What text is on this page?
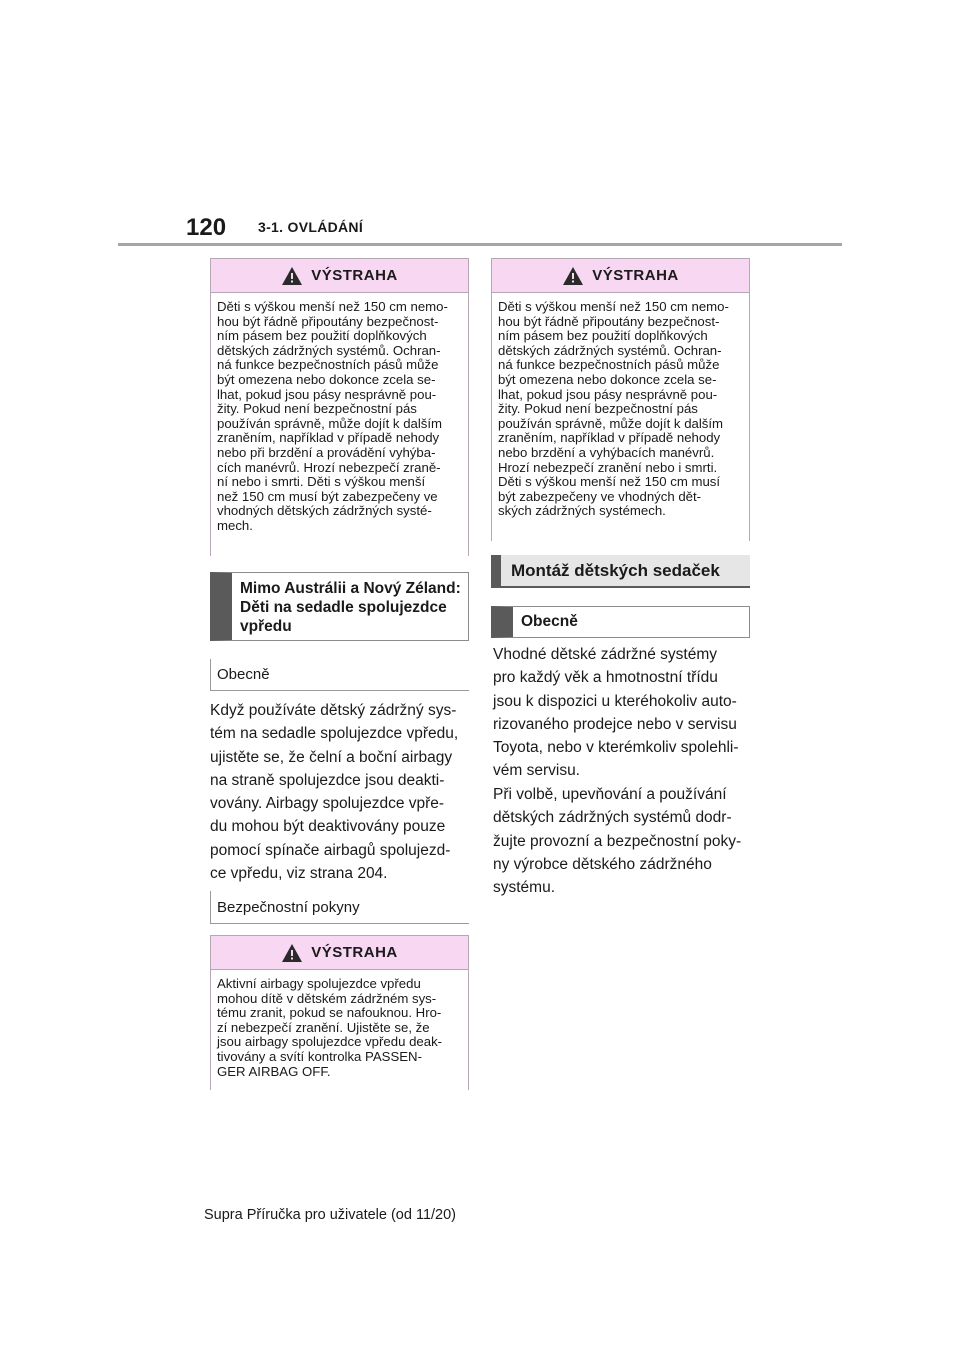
120 3-1. OVLÁDÁNÍ
VÝSTRAHA
Děti s výškou menší než 150 cm nemo-
hou být řádně připoutány bezpečnost-
ním pásem bez použití doplňkových
dětských zádržných systémů. Ochran-
ná funkce bezpečnostních pásů může
být omezena nebo dokonce zcela se-
lhat, pokud jsou pásy nesprávně pou-
žity. Pokud není bezpečnostní pás
používán správně, může dojít k dalším
zraněním, například v případě nehody
nebo při brzdění a provádění vyhýba-
cích manévrů. Hrozí nebezpečí zraně-
ní nebo i smrti. Děti s výškou menší
než 150 cm musí být zabezpečeny ve
vhodných dětských zádržných systé-
mech.
Mimo Austrálii a Nový Zéland:
Děti na sedadle spolujezdce
vpředu
Obecně
Když používáte dětský zádržný sys-
tém na sedadle spolujezdce vpředu,
ujistěte se, že čelní a boční airbagy
na straně spolujezdce jsou deakti-
vovány. Airbagy spolujezdce vpře-
du mohou být deaktivovány pouze
pomocí spínače airbagů spolujezd-
ce vpředu, viz strana 204.
Bezpečnostní pokyny
VÝSTRAHA
Aktivní airbagy spolujezdce vpředu
mohou dítě v dětském zádržném sys-
tému zranit, pokud se nafouknou. Hro-
zí nebezpečí zranění. Ujistěte se, že
jsou airbagy spolujezdce vpředu deak-
tivovány a svítí kontrolka PASSEN-
GER AIRBAG OFF.
VÝSTRAHA
Děti s výškou menší než 150 cm nemo-
hou být řádně připoutány bezpečnost-
ním pásem bez použití doplňkových
dětských zádržných systémů. Ochran-
ná funkce bezpečnostních pásů může
být omezena nebo dokonce zcela se-
lhat, pokud jsou pásy nesprávně pou-
žity. Pokud není bezpečnostní pás
používán správně, může dojít k dalším
zraněním, například v případě nehody
nebo brzdění a vyhýbacích manévrů.
Hrozí nebezpečí zranění nebo i smrti.
Děti s výškou menší než 150 cm musí
být zabezpečeny ve vhodných dět-
ských zádržných systémech.
Montáž dětských sedaček
Obecně
Vhodné dětské zádržné systémy
pro každý věk a hmotnostní třídu
jsou k dispozici u kteréhokoliv auto-
rizovaného prodejce nebo v servisu
Toyota, nebo v kterémkoliv spolehli-
vém servisu.
Při volbě, upevňování a používání
dětských zádržných systémů dodr-
žujte provozní a bezpečnostní poky-
ny výrobce dětského zádržného
systému.
Supra Příručka pro uživatele (od 11/20)
